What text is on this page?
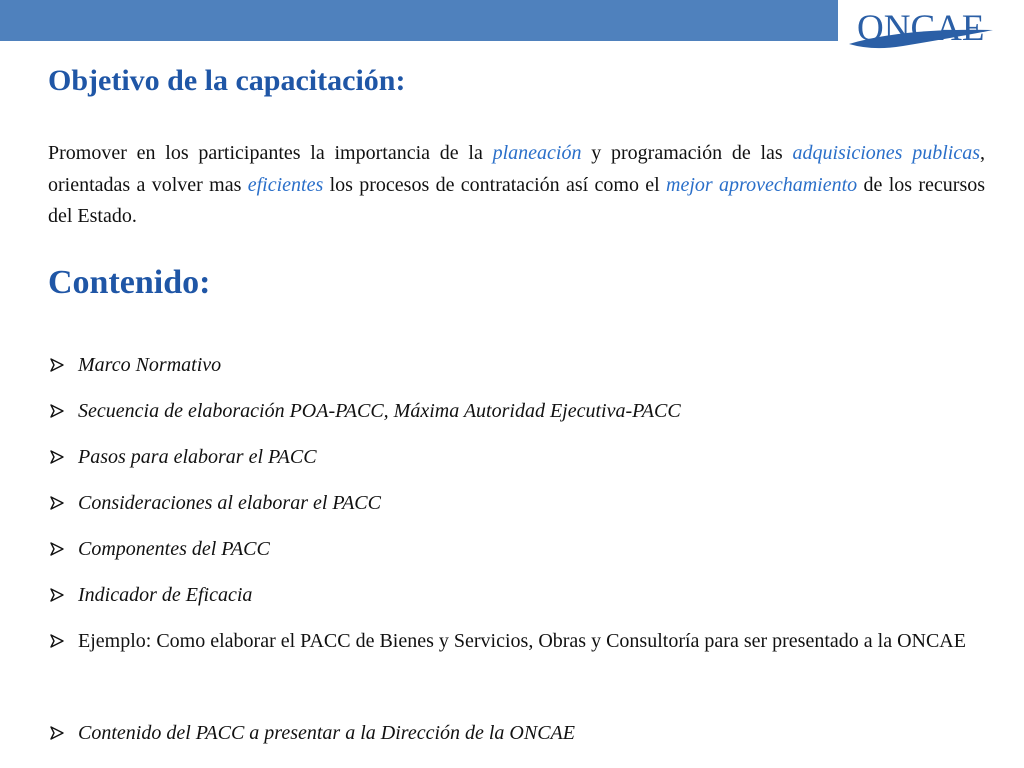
ONCAE
Objetivo de la capacitación:

Promover en los participantes la importancia de la planeación y programación de las adquisiciones publicas, orientadas a volver mas eficientes los procesos de contratación así como el mejor aprovechamiento de los recursos del Estado.

Contenido:
Marco Normativo
Secuencia de elaboración POA-PACC, Máxima Autoridad Ejecutiva-PACC
Pasos para elaborar el PACC
Consideraciones al elaborar el PACC
Componentes del PACC
Indicador de Eficacia
Ejemplo: Como elaborar el PACC de Bienes y Servicios, Obras y Consultoría para ser presentado a la ONCAE
Contenido del PACC a presentar a la Dirección de la ONCAE
